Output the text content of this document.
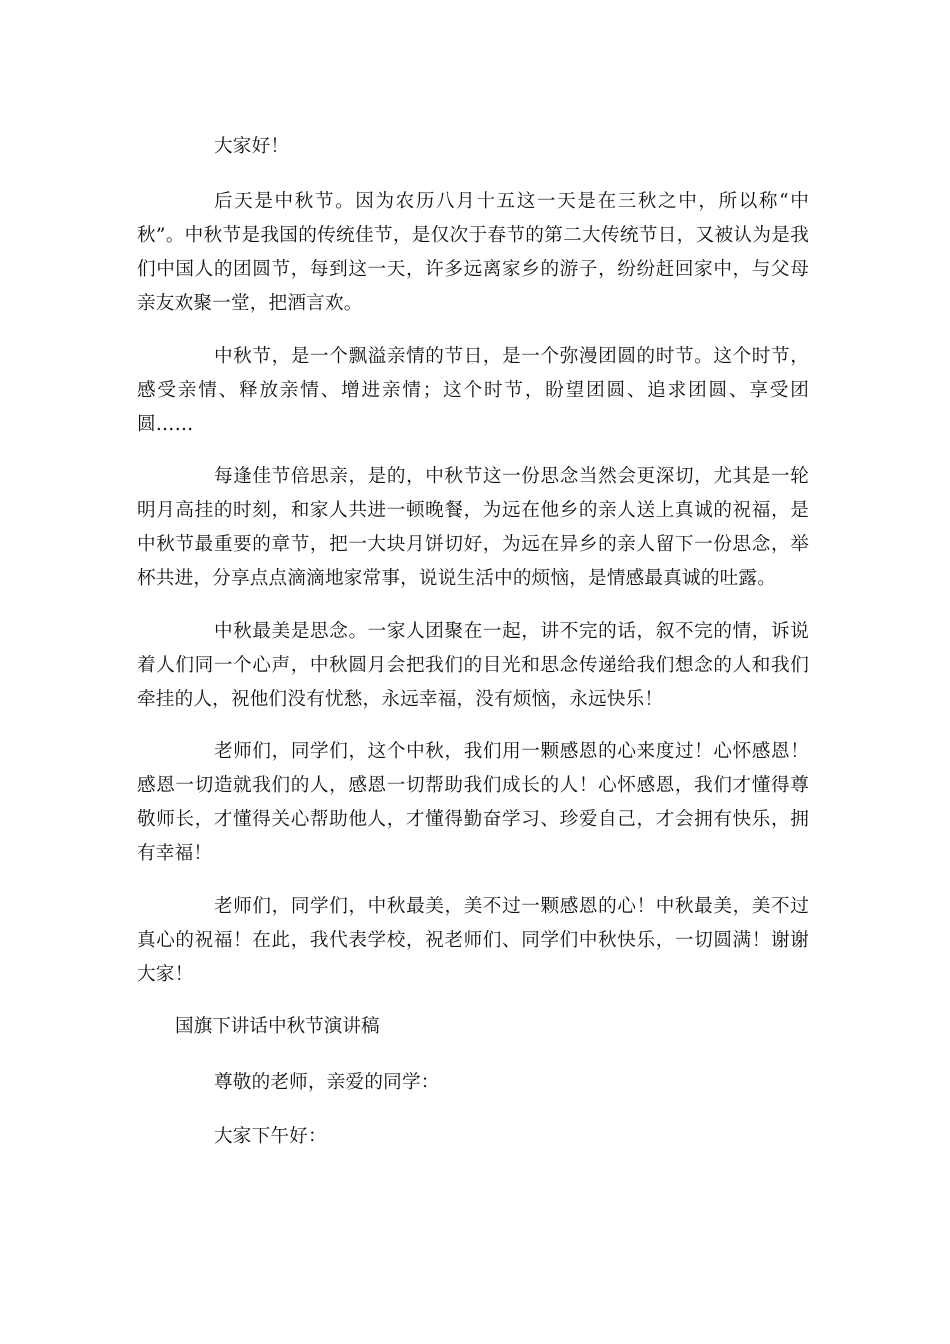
大家好！

后天是中秋节。因为农历八月十五这一天是在三秋之中，所以称“中秋”。中秋节是我国的传统佳节，是仅次于春节的第二大传统节日，又被认为是我们中国人的团圆节，每到这一天，许多远离家乡的游子，纷纷赶回家中，与父母亲友欢聚一堂，把酒言欢。

中秋节，是一个飘溢亲情的节日，是一个弥漫团圆的时节。这个时节，感受亲情、释放亲情、增进亲情；这个时节，盼望团圆、追求团圆、享受团圆……

每逢佳节倍思亲，是的，中秋节这一份思念当然会更深切，尤其是一轮明月高挂的时刻，和家人共进一顿晚餐，为远在他乡的亲人送上真诚的祝福，是中秋节最重要的章节，把一大块月饼切好，为远在异乡的亲人留下一份思念，举杯共进，分享点点滴滴地家常事，说说生活中的烦恼，是情感最真诚的吐露。

中秋最美是思念。一家人团聚在一起，讲不完的话，叙不完的情，诉说着人们同一个心声，中秋圆月会把我们的目光和思念传递给我们想念的人和我们牵挂的人，祝他们没有忧愁，永远幸福，没有烦恼，永远快乐！

老师们，同学们，这个中秋，我们用一颗感恩的心来度过！心怀感恩！感恩一切造就我们的人，感恩一切帮助我们成长的人！心怀感恩，我们才懂得尊敬师长，才懂得关心帮助他人，才懂得勤奋学习、珍爱自己，才会拥有快乐，拥有幸福！

老师们，同学们，中秋最美，美不过一颗感恩的心！中秋最美，美不过真心的祝福！在此，我代表学校，祝老师们、同学们中秋快乐，一切圆满！谢谢大家！

国旗下讲话中秋节演讲稿

尊敬的老师，亲爱的同学：

大家下午好：
